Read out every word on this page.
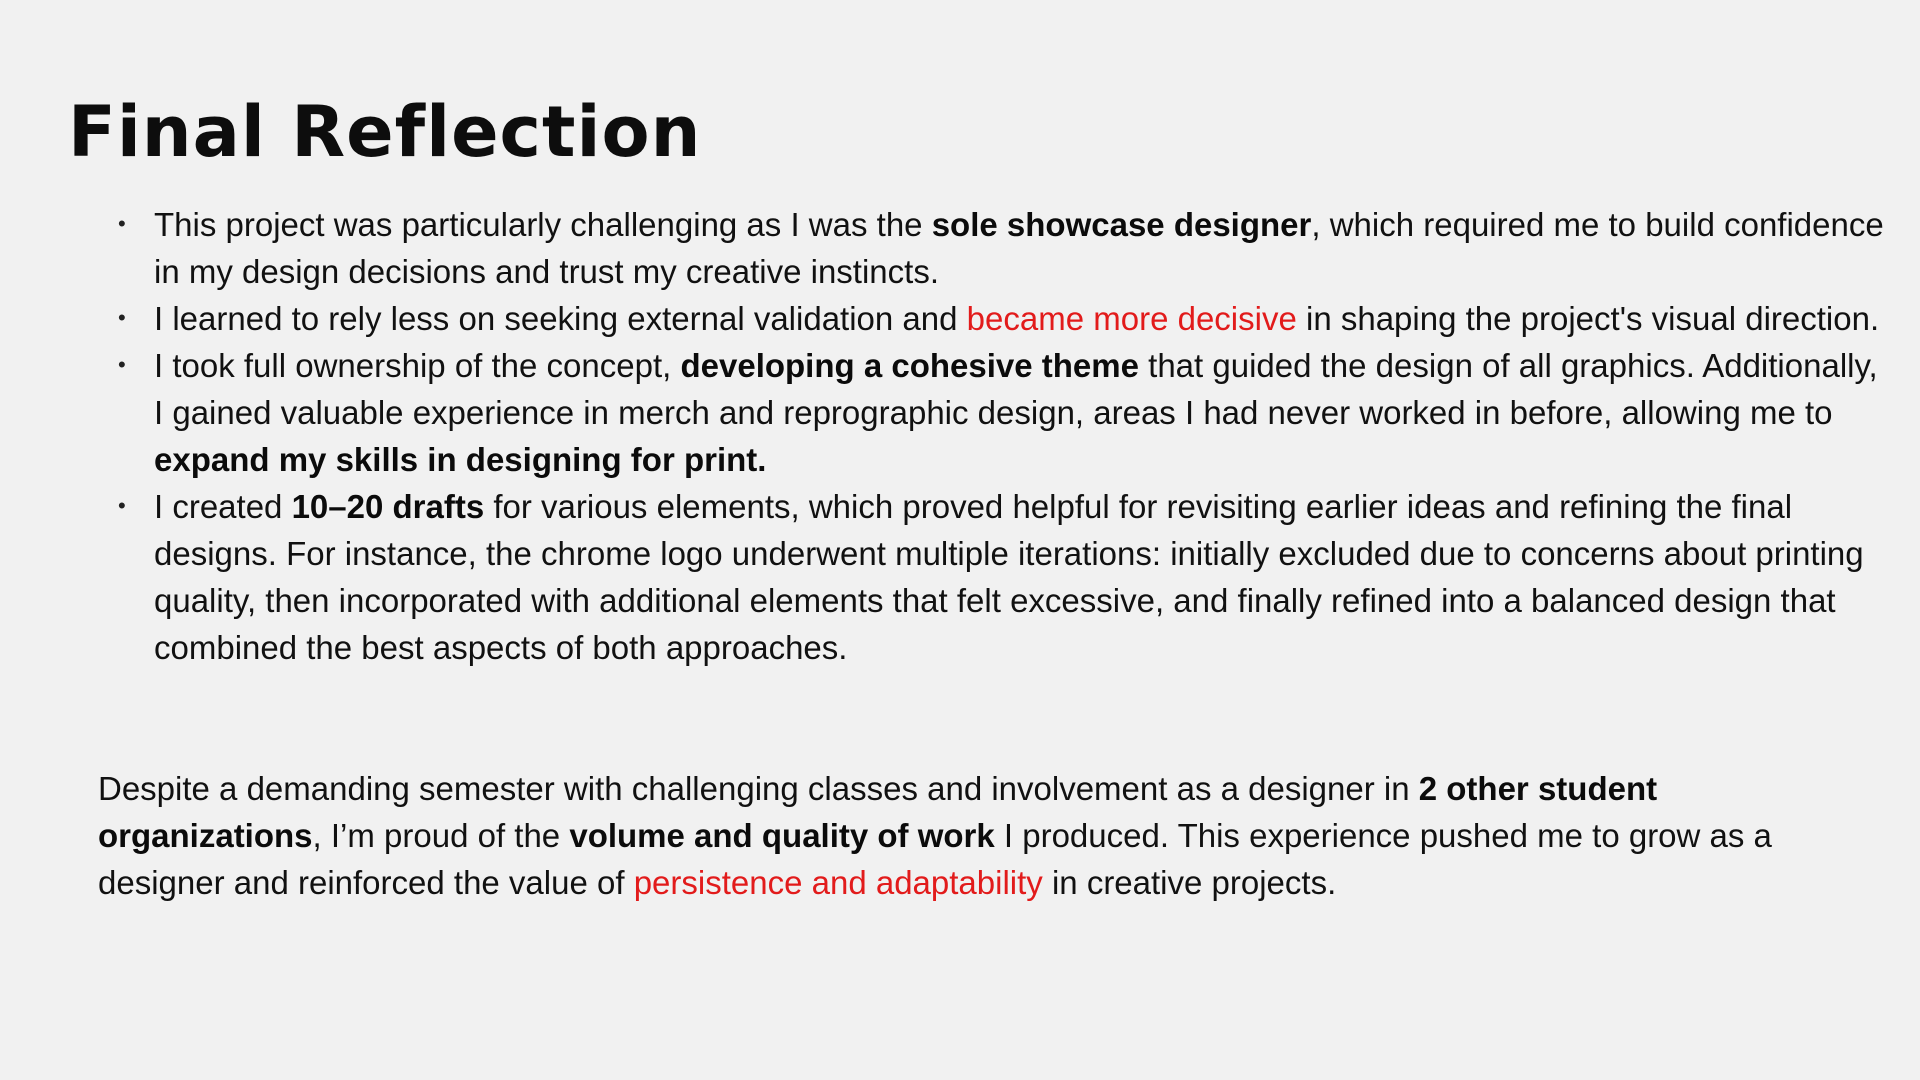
Final Reflection
• This project was particularly challenging as I was the sole showcase designer, which required me to build confidence in my design decisions and trust my creative instincts.
• I learned to rely less on seeking external validation and became more decisive in shaping the project's visual direction.
• I took full ownership of the concept, developing a cohesive theme that guided the design of all graphics. Additionally, I gained valuable experience in merch and reprographic design, areas I had never worked in before, allowing me to expand my skills in designing for print.
• I created 10–20 drafts for various elements, which proved helpful for revisiting earlier ideas and refining the final designs. For instance, the chrome logo underwent multiple iterations: initially excluded due to concerns about printing quality, then incorporated with additional elements that felt excessive, and finally refined into a balanced design that combined the best aspects of both approaches.

Despite a demanding semester with challenging classes and involvement as a designer in 2 other student organizations, I’m proud of the volume and quality of work I produced. This experience pushed me to grow as a designer and reinforced the value of persistence and adaptability in creative projects.
